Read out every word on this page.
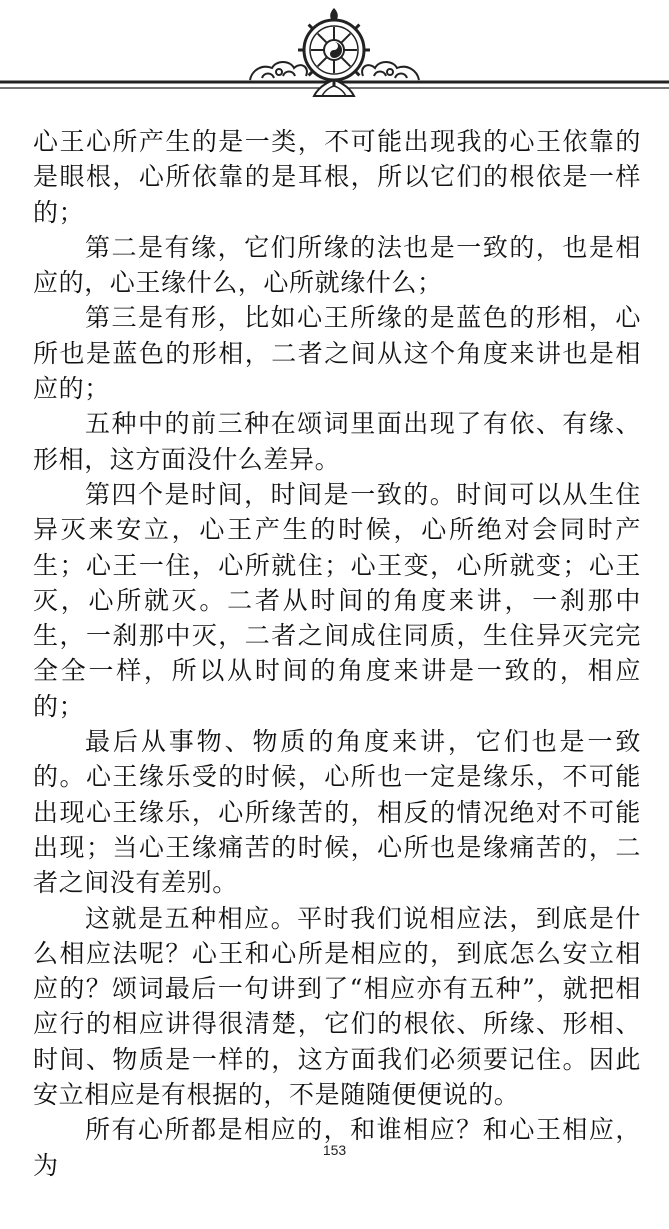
心王心所产生的是一类，不可能出现我的心王依靠的是眼根，心所依靠的是耳根，所以它们的根依是一样的；

第二是有缘，它们所缘的法也是一致的，也是相应的，心王缘什么，心所就缘什么；

第三是有形，比如心王所缘的是蓝色的形相，心所也是蓝色的形相，二者之间从这个角度来讲也是相应的；

五种中的前三种在颂词里面出现了有依、有缘、形相，这方面没什么差异。

第四个是时间，时间是一致的。时间可以从生住异灭来安立，心王产生的时候，心所绝对会同时产生；心王一住，心所就住；心王变，心所就变；心王灭，心所就灭。二者从时间的角度来讲，一刹那中生，一刹那中灭，二者之间成住同质，生住异灭完完全全一样，所以从时间的角度来讲是一致的，相应的；

最后从事物、物质的角度来讲，它们也是一致的。心王缘乐受的时候，心所也一定是缘乐，不可能出现心王缘乐，心所缘苦的，相反的情况绝对不可能出现；当心王缘痛苦的时候，心所也是缘痛苦的，二者之间没有差别。

这就是五种相应。平时我们说相应法，到底是什么相应法呢？心王和心所是相应的，到底怎么安立相应的？颂词最后一句讲到了“相应亦有五种”，就把相应行的相应讲得很清楚，它们的根依、所缘、形相、时间、物质是一样的，这方面我们必须要记住。因此安立相应是有根据的，不是随随便便说的。

所有心所都是相应的，和谁相应？和心王相应，为

153
